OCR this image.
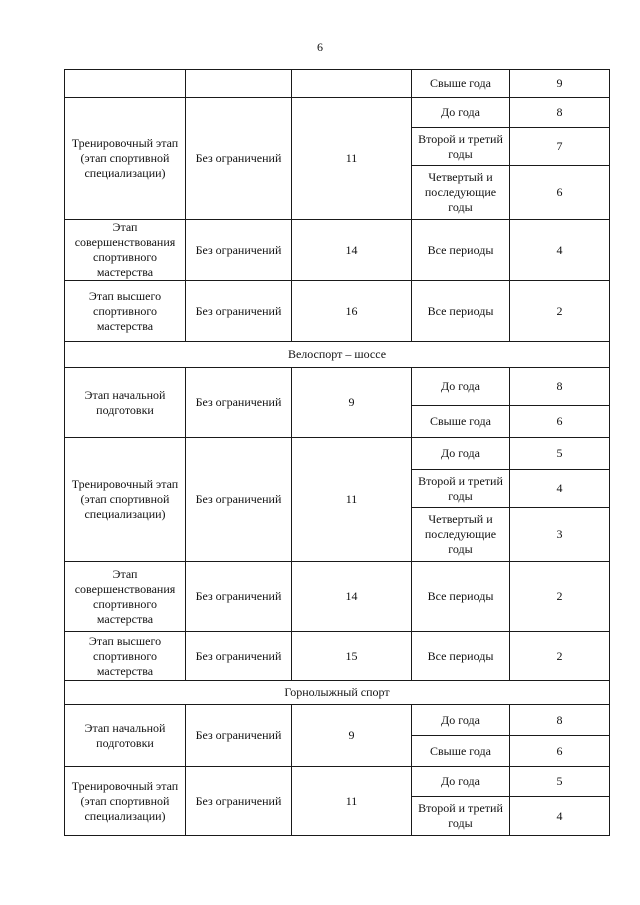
6
			Свыше года	9
Тренировочный этап (этап спортивной специализации)	Без ограничений	11	До года	8
			Второй и третий годы	7
			Четвертый и последующие годы	6
Этап совершенствования спортивного мастерства	Без ограничений	14	Все периоды	4
Этап высшего спортивного мастерства	Без ограничений	16	Все периоды	2
Велоспорт – шоссе				
Этап начальной подготовки	Без ограничений	9	До года	8
			Свыше года	6
Тренировочный этап (этап спортивной специализации)	Без ограничений	11	До года	5
			Второй и третий годы	4
			Четвертый и последующие годы	3
Этап совершенствования спортивного мастерства	Без ограничений	14	Все периоды	2
Этап высшего спортивного мастерства	Без ограничений	15	Все периоды	2
Горнолыжный спорт				
Этап начальной подготовки	Без ограничений	9	До года	8
			Свыше года	6
Тренировочный этап (этап спортивной специализации)	Без ограничений	11	До года	5
			Второй и третий годы	4
